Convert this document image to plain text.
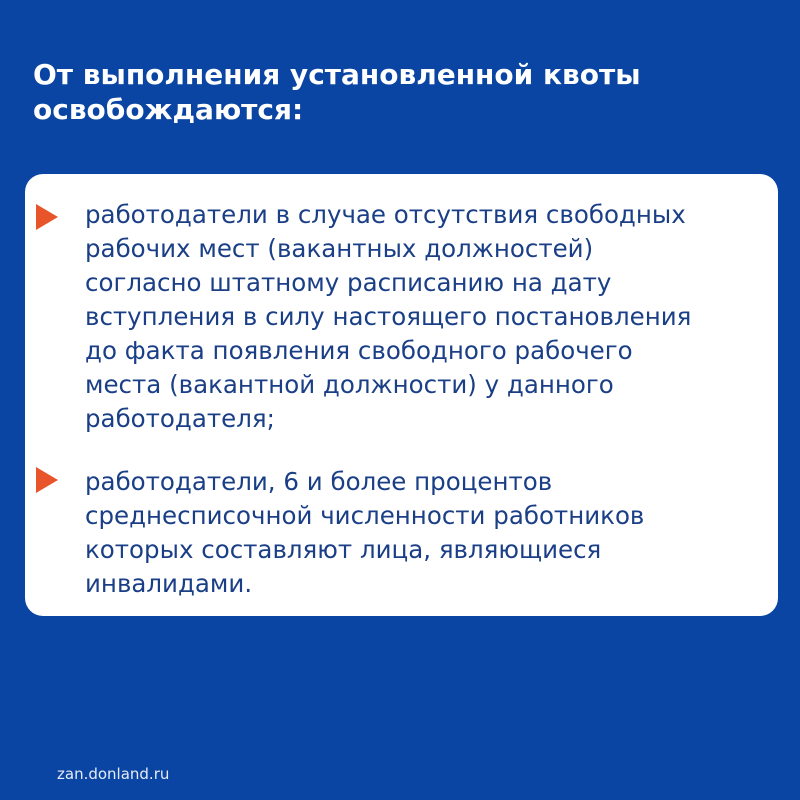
От выполнения установленной квоты
освобождаются:
работодатели в случае отсутствия свободных
рабочих мест (вакантных должностей)
согласно штатному расписанию на дату
вступления в силу настоящего постановления
до факта появления свободного рабочего
места (вакантной должности) у данного
работодателя;
работодатели, 6 и более процентов
среднесписочной численности работников
которых составляют лица, являющиеся
инвалидами.
zan.donland.ru
